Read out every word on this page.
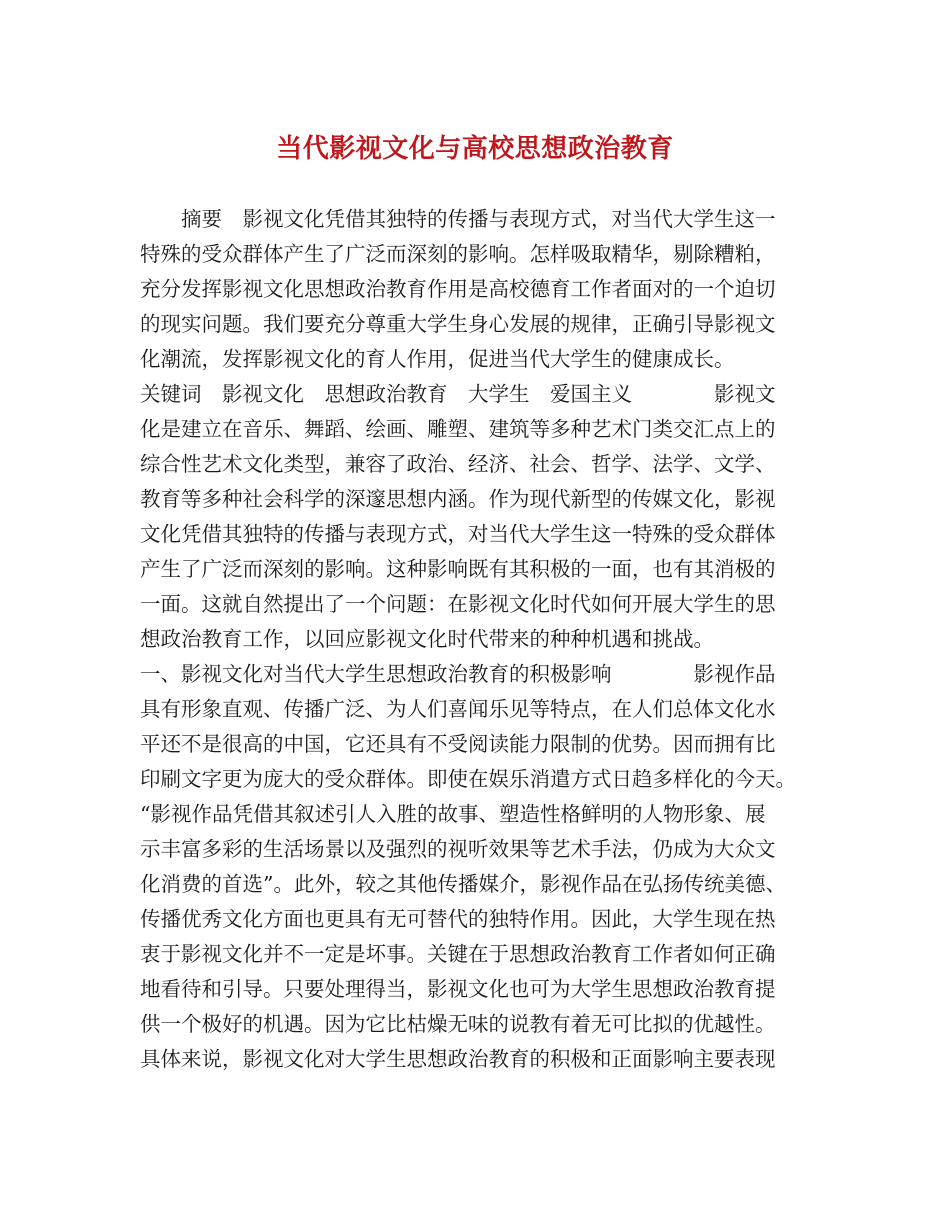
当代影视文化与高校思想政治教育
　　摘要　影视文化凭借其独特的传播与表现方式，对当代大学生这一
特殊的受众群体产生了广泛而深刻的影响。怎样吸取精华，剔除糟粕，
充分发挥影视文化思想政治教育作用是高校德育工作者面对的一个迫切
的现实问题。我们要充分尊重大学生身心发展的规律，正确引导影视文
化潮流，发挥影视文化的育人作用，促进当代大学生的健康成长。
关键词　影视文化　思想政治教育　大学生　爱国主义　　　　影视文
化是建立在音乐、舞蹈、绘画、雕塑、建筑等多种艺术门类交汇点上的
综合性艺术文化类型，兼容了政治、经济、社会、哲学、法学、文学、
教育等多种社会科学的深邃思想内涵。作为现代新型的传媒文化，影视
文化凭借其独特的传播与表现方式，对当代大学生这一特殊的受众群体
产生了广泛而深刻的影响。这种影响既有其积极的一面，也有其消极的
一面。这就自然提出了一个问题：在影视文化时代如何开展大学生的思
想政治教育工作，以回应影视文化时代带来的种种机遇和挑战。
一、影视文化对当代大学生思想政治教育的积极影响　　　　影视作品
具有形象直观、传播广泛、为人们喜闻乐见等特点，在人们总体文化水
平还不是很高的中国，它还具有不受阅读能力限制的优势。因而拥有比
印刷文字更为庞大的受众群体。即使在娱乐消遣方式日趋多样化的今天。
“影视作品凭借其叙述引人入胜的故事、塑造性格鲜明的人物形象、展
示丰富多彩的生活场景以及强烈的视听效果等艺术手法，仍成为大众文
化消费的首选”。此外，较之其他传播媒介，影视作品在弘扬传统美德、
传播优秀文化方面也更具有无可替代的独特作用。因此，大学生现在热
衷于影视文化并不一定是坏事。关键在于思想政治教育工作者如何正确
地看待和引导。只要处理得当，影视文化也可为大学生思想政治教育提
供一个极好的机遇。因为它比枯燥无味的说教有着无可比拟的优越性。
具体来说，影视文化对大学生思想政治教育的积极和正面影响主要表现
